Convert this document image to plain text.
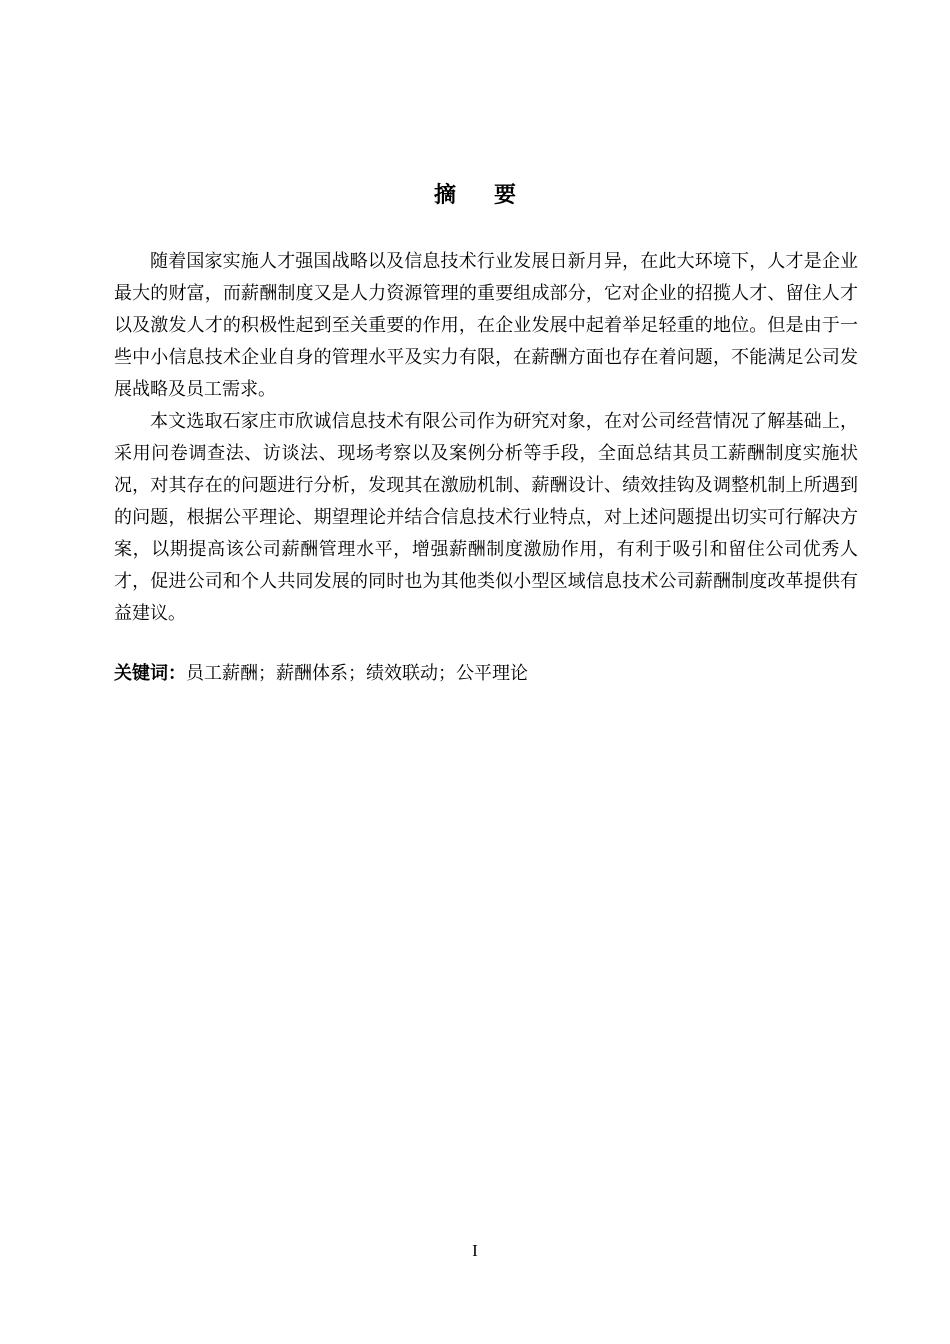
摘要

随着国家实施人才强国战略以及信息技术行业发展日新月异，在此大环境下，人才是企业最大的财富，而薪酬制度又是人力资源管理的重要组成部分，它对企业的招揽人才、留住人才以及激发人才的积极性起到至关重要的作用，在企业发展中起着举足轻重的地位。但是由于一些中小信息技术企业自身的管理水平及实力有限，在薪酬方面也存在着问题，不能满足公司发展战略及员工需求。

本文选取石家庄市欣诚信息技术有限公司作为研究对象，在对公司经营情况了解基础上，采用问卷调查法、访谈法、现场考察以及案例分析等手段，全面总结其员工薪酬制度实施状况，对其存在的问题进行分析，发现其在激励机制、薪酬设计、绩效挂钩及调整机制上所遇到的问题，根据公平理论、期望理论并结合信息技术行业特点，对上述问题提出切实可行解决方案，以期提高该公司薪酬管理水平，增强薪酬制度激励作用，有利于吸引和留住公司优秀人才，促进公司和个人共同发展的同时也为其他类似小型区域信息技术公司薪酬制度改革提供有益建议。

关键词：员工薪酬；薪酬体系；绩效联动；公平理论
I
